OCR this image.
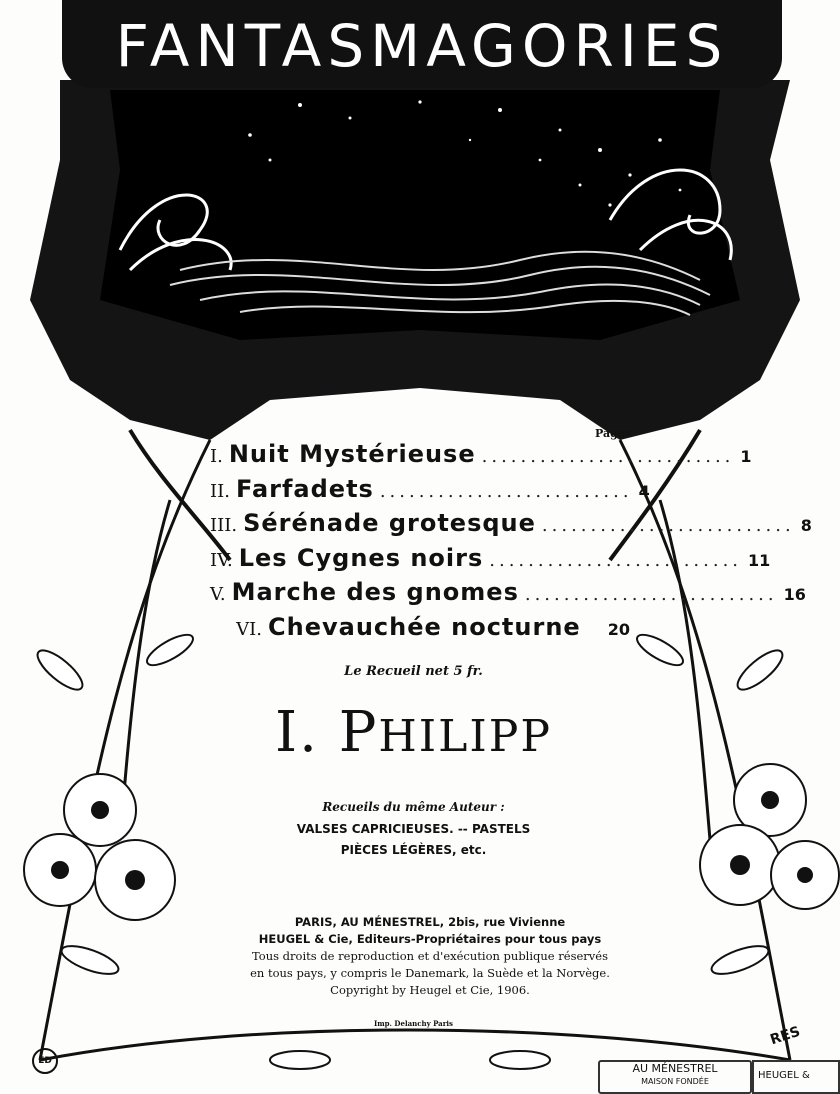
FANTASMAGORIES
Pages
I. Nuit Mystérieuse .......................... 1
II. Farfadets .......................... 4
III. Sérénade grotesque .......................... 8
IV. Les Cygnes noirs .......................... 11
V. Marche des gnomes .......................... 16
VI. Chevauchée nocturne 20
Le Recueil net 5 fr.
I. PHILIPP
Recueils du même Auteur :
VALSES CAPRICIEUSES. -- PASTELS
PIÈCES LÉGÈRES, etc.
PARIS, AU MÉNESTREL, 2bis, rue Vivienne
HEUGEL & Cie, Editeurs-Propriétaires pour tous pays
Tous droits de reproduction et d'exécution publique réservés
en tous pays, y compris le Danemark, la Suède et la Norvège.
Copyright by Heugel et Cie, 1906.
Imp. Delanchy Paris
ED
RES
AU MÉNESTREL
MAISON FONDÉE
HEUGEL &
